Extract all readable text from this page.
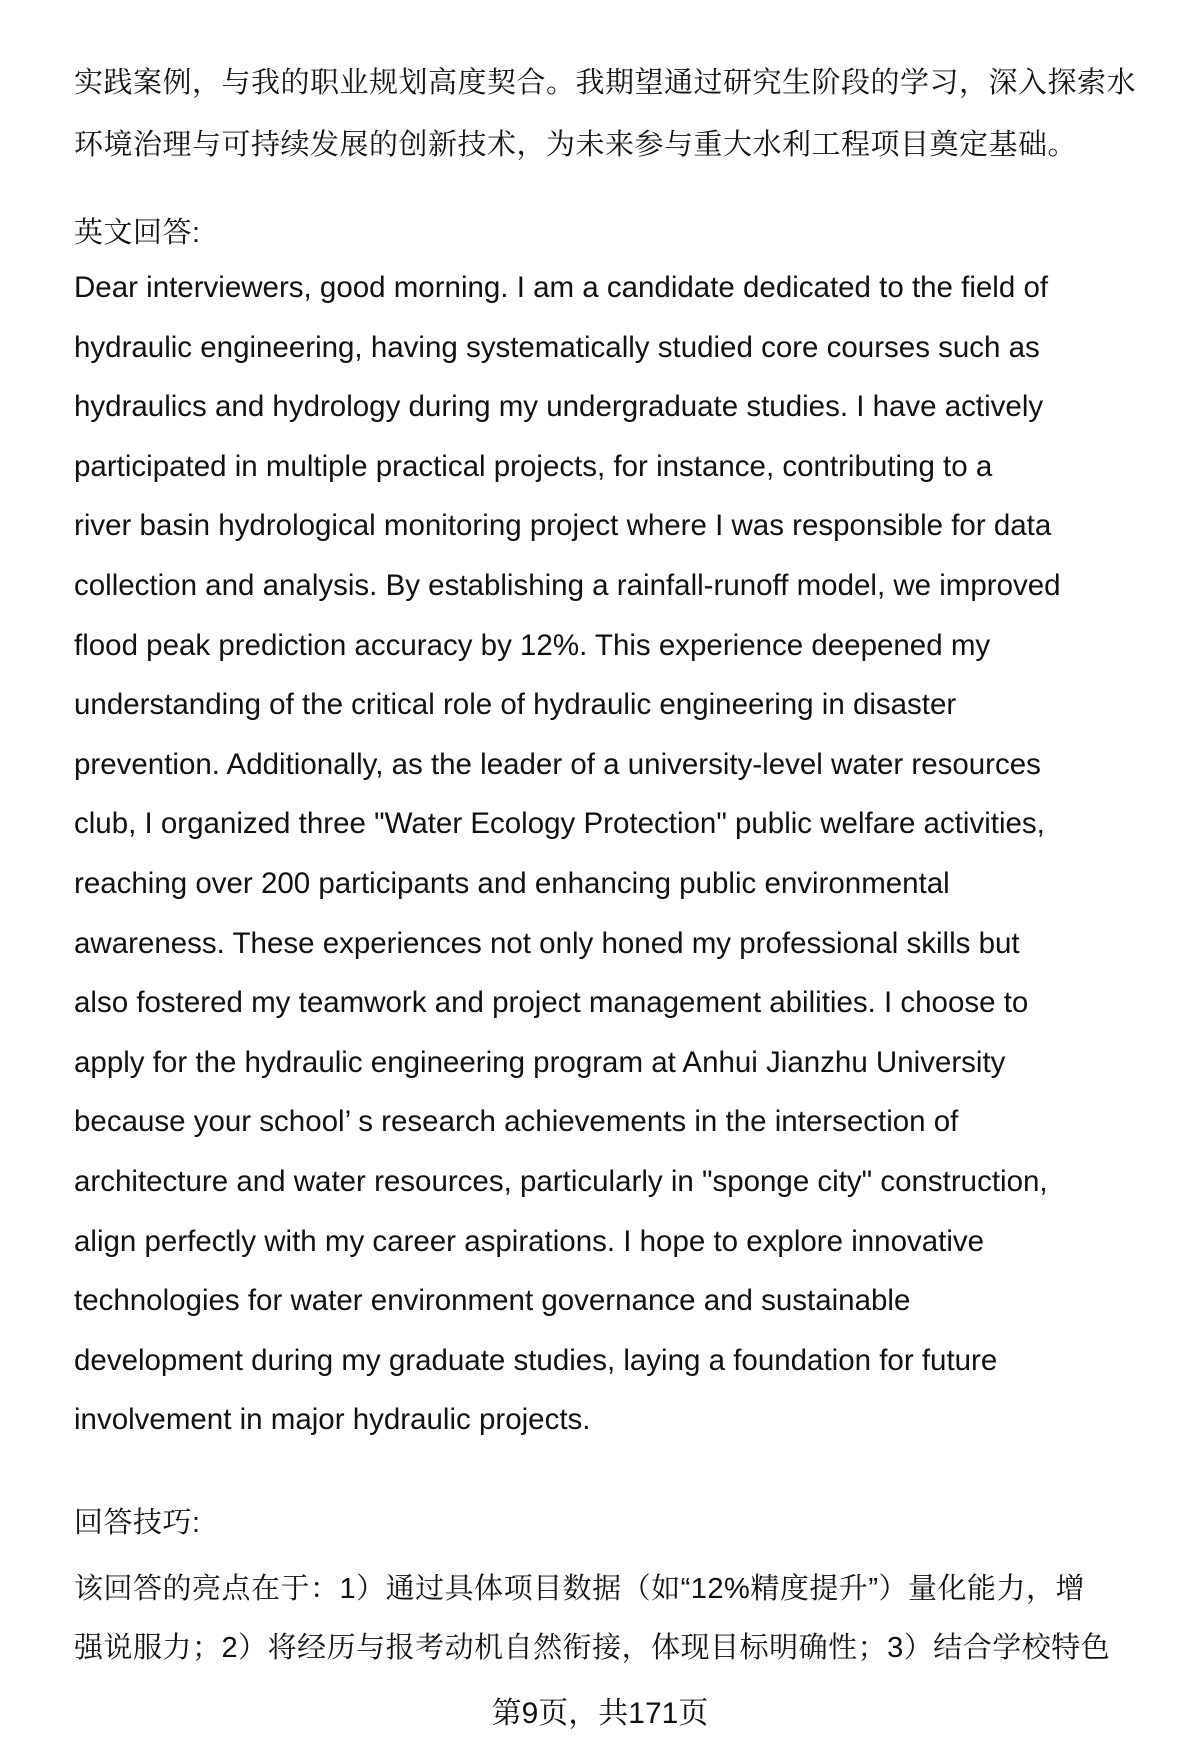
实践案例，与我的职业规划高度契合。我期望通过研究生阶段的学习，深入探索水
环境治理与可持续发展的创新技术，为未来参与重大水利工程项目奠定基础。
英文回答:
Dear interviewers, good morning. I am a candidate dedicated to the field of
hydraulic engineering, having systematically studied core courses such as
hydraulics and hydrology during my undergraduate studies. I have actively
participated in multiple practical projects, for instance, contributing to a
river basin hydrological monitoring project where I was responsible for data
collection and analysis. By establishing a rainfall-runoff model, we improved
flood peak prediction accuracy by 12%. This experience deepened my
understanding of the critical role of hydraulic engineering in disaster
prevention. Additionally, as the leader of a university-level water resources
club, I organized three "Water Ecology Protection" public welfare activities,
reaching over 200 participants and enhancing public environmental
awareness. These experiences not only honed my professional skills but
also fostered my teamwork and project management abilities. I choose to
apply for the hydraulic engineering program at Anhui Jianzhu University
because your school’ s research achievements in the intersection of
architecture and water resources, particularly in "sponge city" construction,
align perfectly with my career aspirations. I hope to explore innovative
technologies for water environment governance and sustainable
development during my graduate studies, laying a foundation for future
involvement in major hydraulic projects.
回答技巧:
该回答的亮点在于：1）通过具体项目数据（如“12%精度提升”）量化能力，增
强说服力；2）将经历与报考动机自然衔接，体现目标明确性；3）结合学校特色
第9页，共171页
